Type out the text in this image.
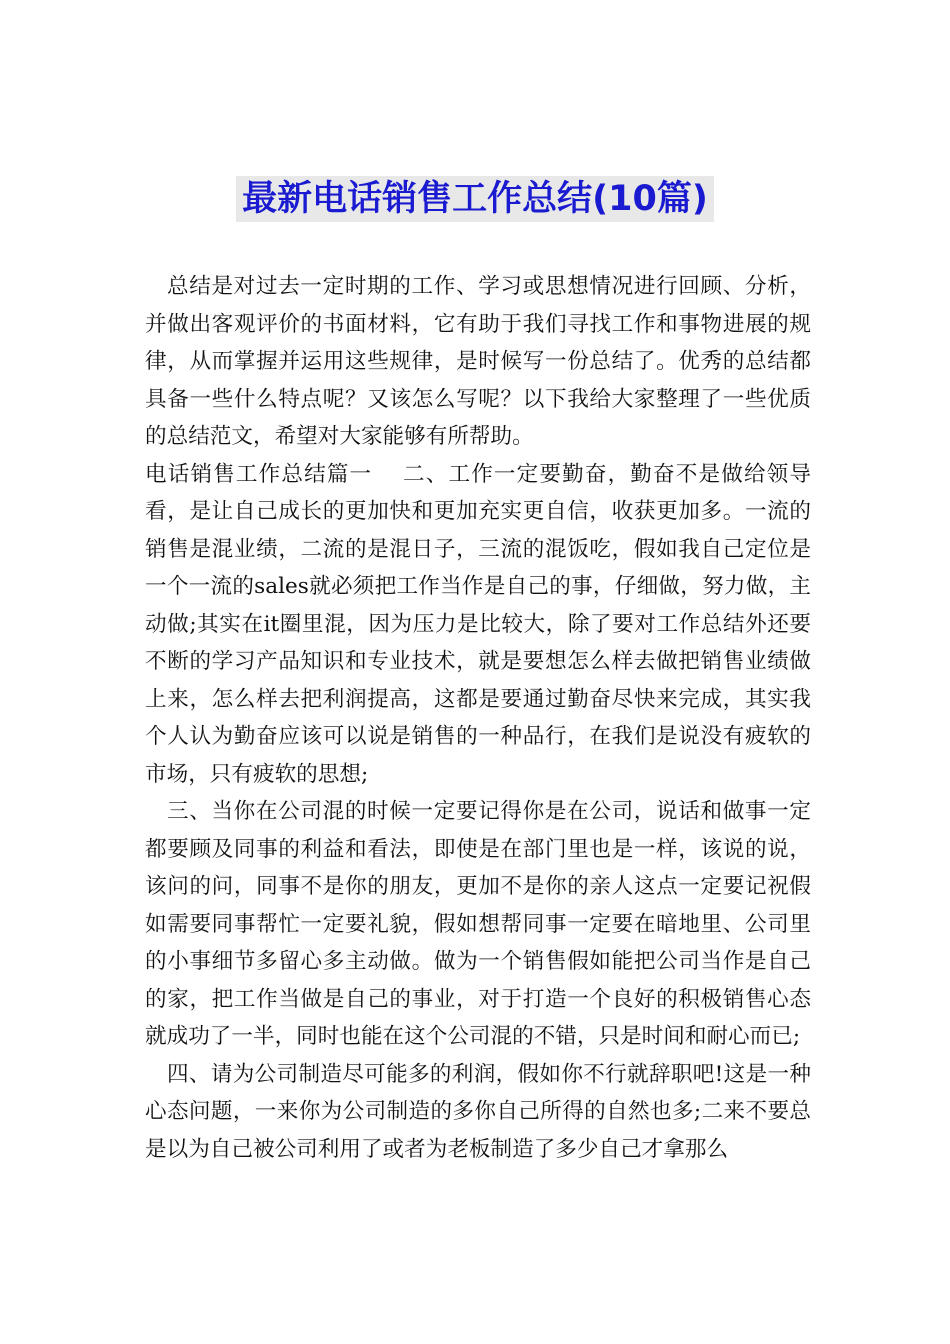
最新电话销售工作总结(10篇)

总结是对过去一定时期的工作、学习或思想情况进行回顾、分析，并做出客观评价的书面材料，它有助于我们寻找工作和事物进展的规律，从而掌握并运用这些规律，是时候写一份总结了。优秀的总结都具备一些什么特点呢？又该怎么写呢？以下我给大家整理了一些优质的总结范文，希望对大家能够有所帮助。

电话销售工作总结篇一　 二、工作一定要勤奋，勤奋不是做给领导看，是让自己成长的更加快和更加充实更自信，收获更加多。一流的销售是混业绩，二流的是混日子，三流的混饭吃，假如我自己定位是一个一流的sales就必须把工作当作是自己的事，仔细做，努力做，主动做;其实在it圈里混，因为压力是比较大，除了要对工作总结外还要不断的学习产品知识和专业技术，就是要想怎么样去做把销售业绩做上来，怎么样去把利润提高，这都是要通过勤奋尽快来完成，其实我个人认为勤奋应该可以说是销售的一种品行，在我们是说没有疲软的市场，只有疲软的思想;

三、当你在公司混的时候一定要记得你是在公司，说话和做事一定都要顾及同事的利益和看法，即使是在部门里也是一样，该说的说，该问的问，同事不是你的朋友，更加不是你的亲人这点一定要记祝假如需要同事帮忙一定要礼貌，假如想帮同事一定要在暗地里、公司里的小事细节多留心多主动做。做为一个销售假如能把公司当作是自己的家，把工作当做是自己的事业，对于打造一个良好的积极销售心态就成功了一半，同时也能在这个公司混的不错，只是时间和耐心而已;

四、请为公司制造尽可能多的利润，假如你不行就辞职吧!这是一种心态问题，一来你为公司制造的多你自己所得的自然也多;二来不要总是以为自己被公司利用了或者为老板制造了多少自己才拿那么
